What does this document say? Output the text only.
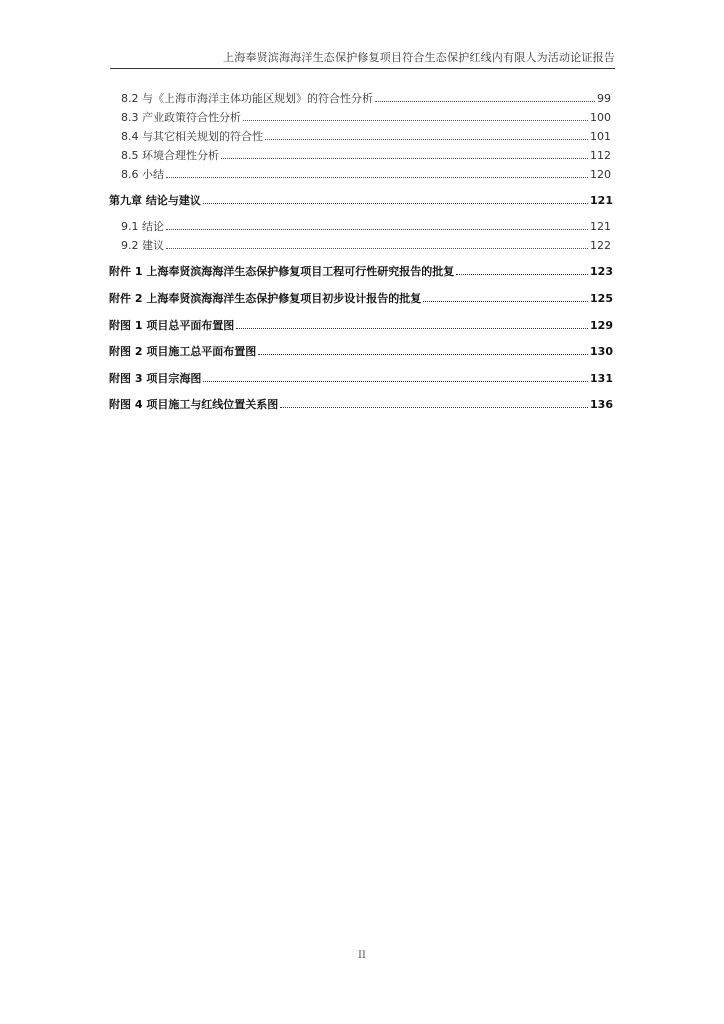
上海奉贤滨海海洋生态保护修复项目符合生态保护红线内有限人为活动论证报告
8.2 与《上海市海洋主体功能区规划》的符合性分析	99
8.3 产业政策符合性分析	100
8.4 与其它相关规划的符合性	101
8.5 环境合理性分析	112
8.6 小结	120
第九章 结论与建议	121
9.1 结论	121
9.2 建议	122
附件 1 上海奉贤滨海海洋生态保护修复项目工程可行性研究报告的批复	123
附件 2 上海奉贤滨海海洋生态保护修复项目初步设计报告的批复	125
附图 1 项目总平面布置图	129
附图 2 项目施工总平面布置图	130
附图 3 项目宗海图	131
附图 4 项目施工与红线位置关系图	136
II
